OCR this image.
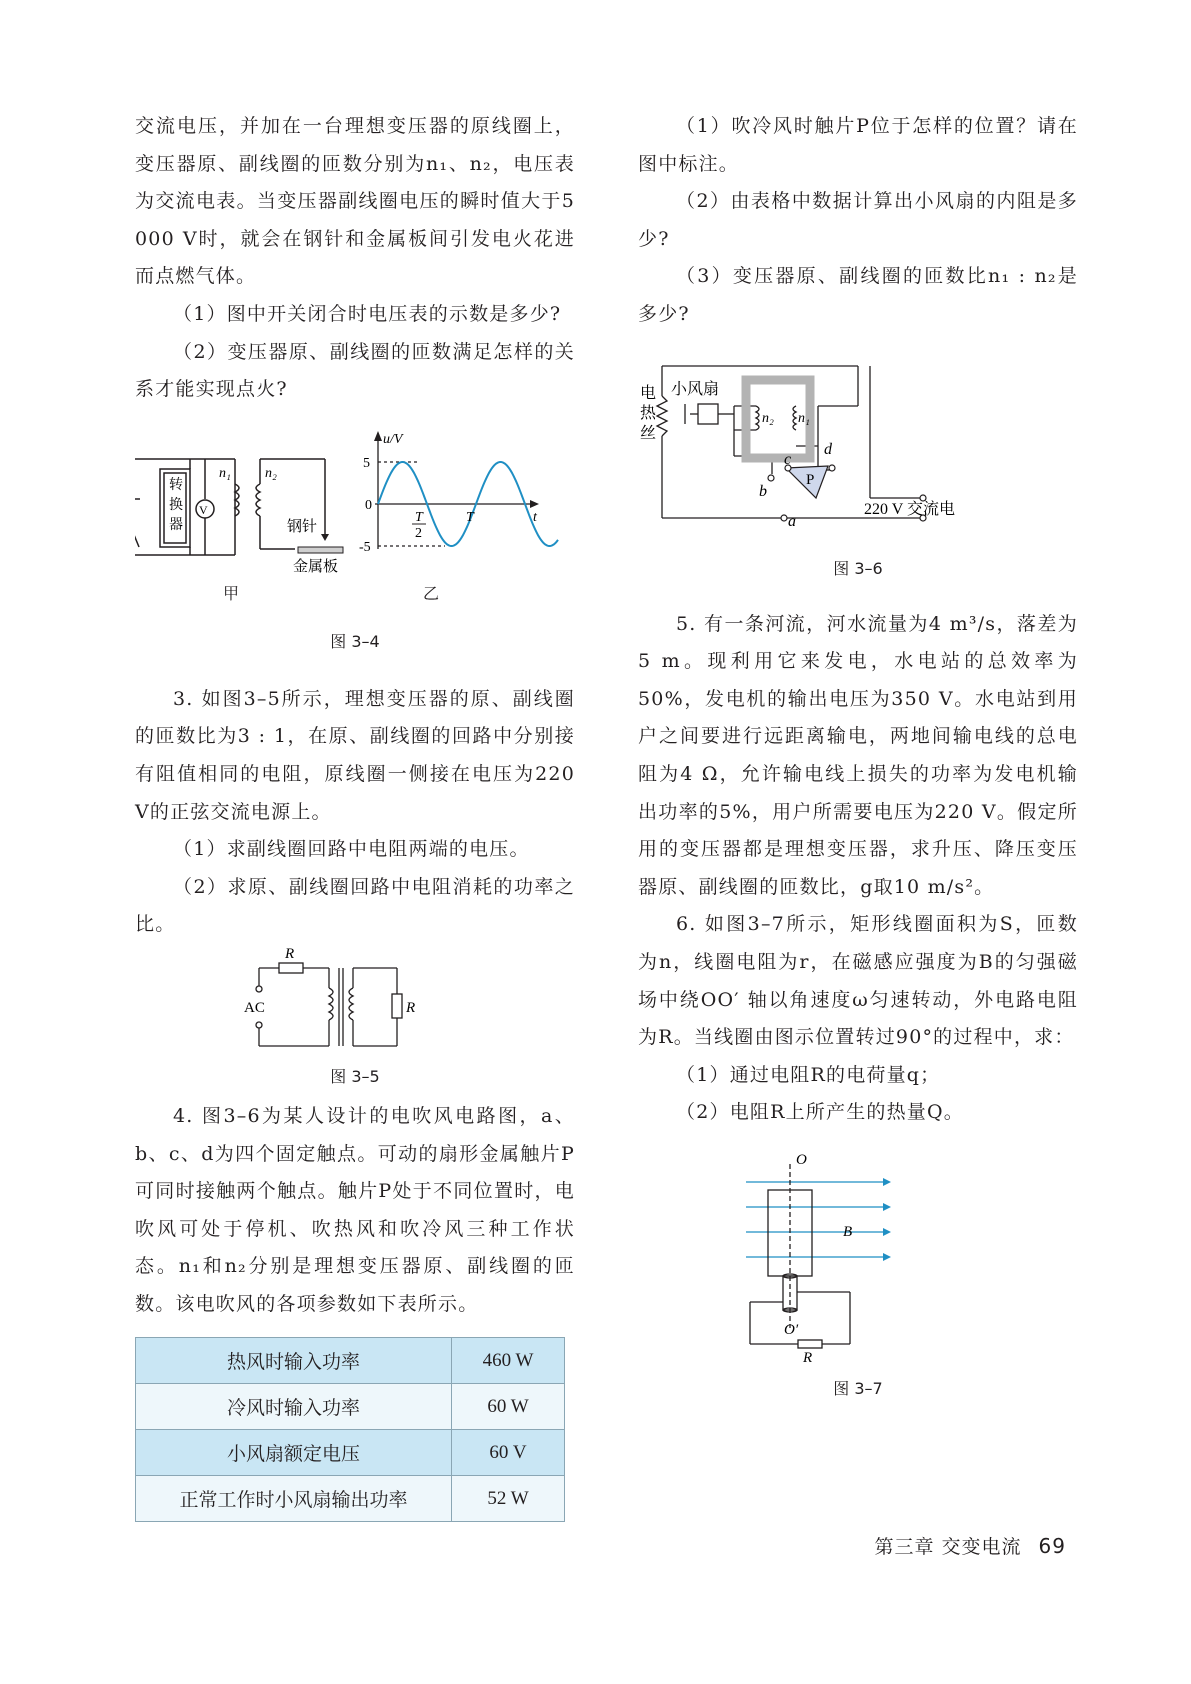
交流电压，并加在一台理想变压器的原线圈上，变压器原、副线圈的匝数分别为n₁、n₂，电压表为交流电表。当变压器副线圈电压的瞬时值大于5 000 V时，就会在钢针和金属板间引发电火花进而点燃气体。

（1）图中开关闭合时电压表的示数是多少?

（2）变压器原、副线圈的匝数满足怎样的关系才能实现点火?

转
换
器
V
n₁ n₂
钢针
金属板
u/V
5
-5
0
T
2
T	t
甲	乙
图 3–4

3. 如图3–5所示，理想变压器的原、副线圈的匝数比为3 : 1，在原、副线圈的回路中分别接有阻值相同的电阻，原线圈一侧接在电压为220 V的正弦交流电源上。

（1）求副线圈回路中电阻两端的电压。

（2）求原、副线圈回路中电阻消耗的功率之比。

R
AC	R
图 3–5

4. 图3–6为某人设计的电吹风电路图，a、b、c、d为四个固定触点。可动的扇形金属触片P可同时接触两个触点。触片P处于不同位置时，电吹风可处于停机、吹热风和吹冷风三种工作状态。n₁和n₂分别是理想变压器原、副线圈的匝数。该电吹风的各项参数如下表所示。

热风时输入功率	460 W
冷风时输入功率	60 W
小风扇额定电压	60 V
正常工作时小风扇输出功率	52 W

（1）吹冷风时触片P位于怎样的位置？请在图中标注。

（2）由表格中数据计算出小风扇的内阻是多少?

（3）变压器原、副线圈的匝数比n₁ : n₂是多少?

小风扇
电
热
丝
n₂ n₁
a
b
c
d
P
220 V 交流电
图 3–6

5. 有一条河流，河水流量为4 m³/s，落差为5 m。现利用它来发电，水电站的总效率为50%，发电机的输出电压为350 V。水电站到用户之间要进行远距离输电，两地间输电线的总电阻为4 Ω，允许输电线上损失的功率为发电机输出功率的5%，用户所需要电压为220 V。假定所用的变压器都是理想变压器，求升压、降压变压器原、副线圈的匝数比，g取10 m/s²。

6. 如图3–7所示，矩形线圈面积为S，匝数为n，线圈电阻为r，在磁感应强度为B的匀强磁场中绕OO′ 轴以角速度ω匀速转动，外电路电阻为R。当线圈由图示位置转过90°的过程中，求：

（1）通过电阻R的电荷量q；

（2）电阻R上所产生的热量Q。

O
B
O′
R
图 3–7
第三章 交变电流 69
